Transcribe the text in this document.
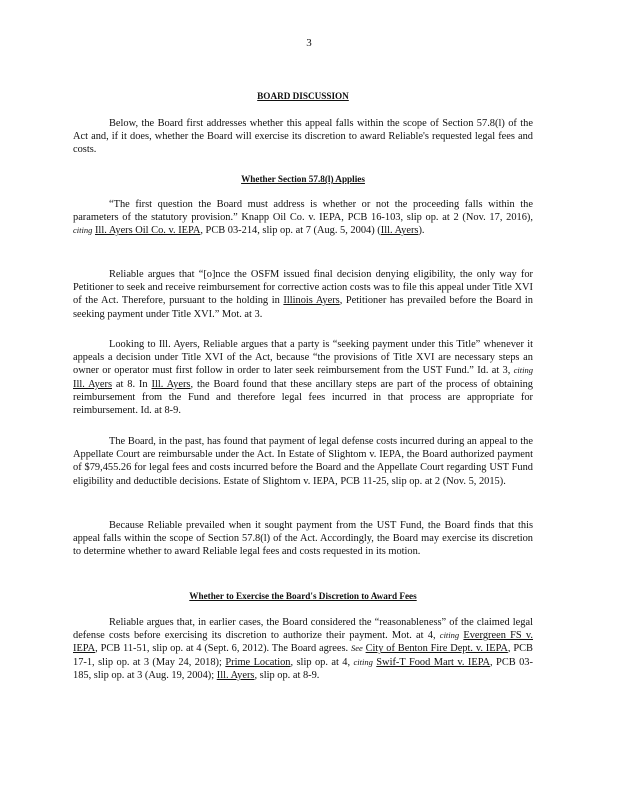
3
BOARD DISCUSSION

Below, the Board first addresses whether this appeal falls within the scope of Section 57.8(l) of the Act and, if it does, whether the Board will exercise its discretion to award Reliable's requested legal fees and costs.

Whether Section 57.8(l) Applies

“The first question the Board must address is whether or not the proceeding falls within the parameters of the statutory provision.” Knapp Oil Co. v. IEPA, PCB 16-103, slip op. at 2 (Nov. 17, 2016), citing Ill. Ayers Oil Co. v. IEPA, PCB 03-214, slip op. at 7 (Aug. 5, 2004) (Ill. Ayers).

Reliable argues that “[o]nce the OSFM issued final decision denying eligibility, the only way for Petitioner to seek and receive reimbursement for corrective action costs was to file this appeal under Title XVI of the Act. Therefore, pursuant to the holding in Illinois Ayers, Petitioner has prevailed before the Board in seeking payment under Title XVI.” Mot. at 3.

Looking to Ill. Ayers, Reliable argues that a party is “seeking payment under this Title” whenever it appeals a decision under Title XVI of the Act, because “the provisions of Title XVI are necessary steps an owner or operator must first follow in order to later seek reimbursement from the UST Fund.” Id. at 3, citing Ill. Ayers at 8. In Ill. Ayers, the Board found that these ancillary steps are part of the process of obtaining reimbursement from the Fund and therefore legal fees incurred in that process are appropriate for reimbursement. Id. at 8-9.

The Board, in the past, has found that payment of legal defense costs incurred during an appeal to the Appellate Court are reimbursable under the Act. In Estate of Slightom v. IEPA, the Board authorized payment of $79,455.26 for legal fees and costs incurred before the Board and the Appellate Court regarding UST Fund eligibility and deductible decisions. Estate of Slightom v. IEPA, PCB 11-25, slip op. at 2 (Nov. 5, 2015).

Because Reliable prevailed when it sought payment from the UST Fund, the Board finds that this appeal falls within the scope of Section 57.8(l) of the Act. Accordingly, the Board may exercise its discretion to determine whether to award Reliable legal fees and costs requested in its motion.

Whether to Exercise the Board's Discretion to Award Fees

Reliable argues that, in earlier cases, the Board considered the “reasonableness” of the claimed legal defense costs before exercising its discretion to authorize their payment. Mot. at 4, citing Evergreen FS v. IEPA, PCB 11-51, slip op. at 4 (Sept. 6, 2012). The Board agrees. See City of Benton Fire Dept. v. IEPA, PCB 17-1, slip op. at 3 (May 24, 2018); Prime Location, slip op. at 4, citing Swif-T Food Mart v. IEPA, PCB 03-185, slip op. at 3 (Aug. 19, 2004); Ill. Ayers, slip op. at 8-9.
